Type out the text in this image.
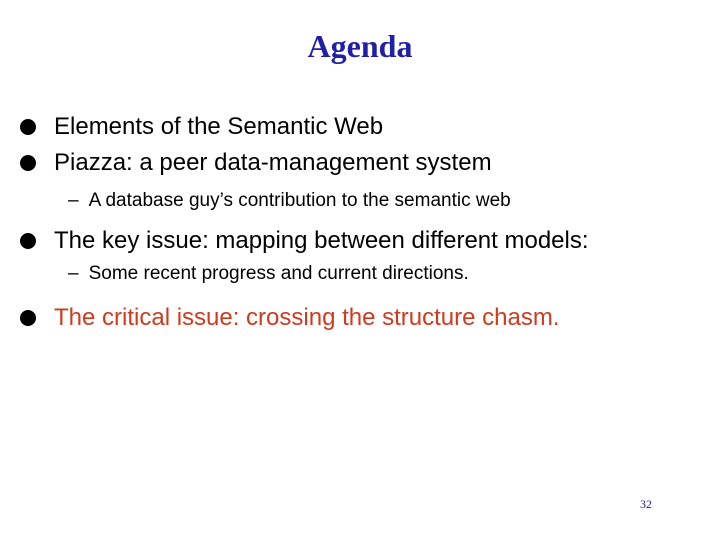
Agenda
Elements of the Semantic Web
Piazza: a peer data-management system
– A database guy’s contribution to the semantic web
The key issue: mapping between different models:
– Some recent progress and current directions.
The critical issue: crossing the structure chasm.
32
